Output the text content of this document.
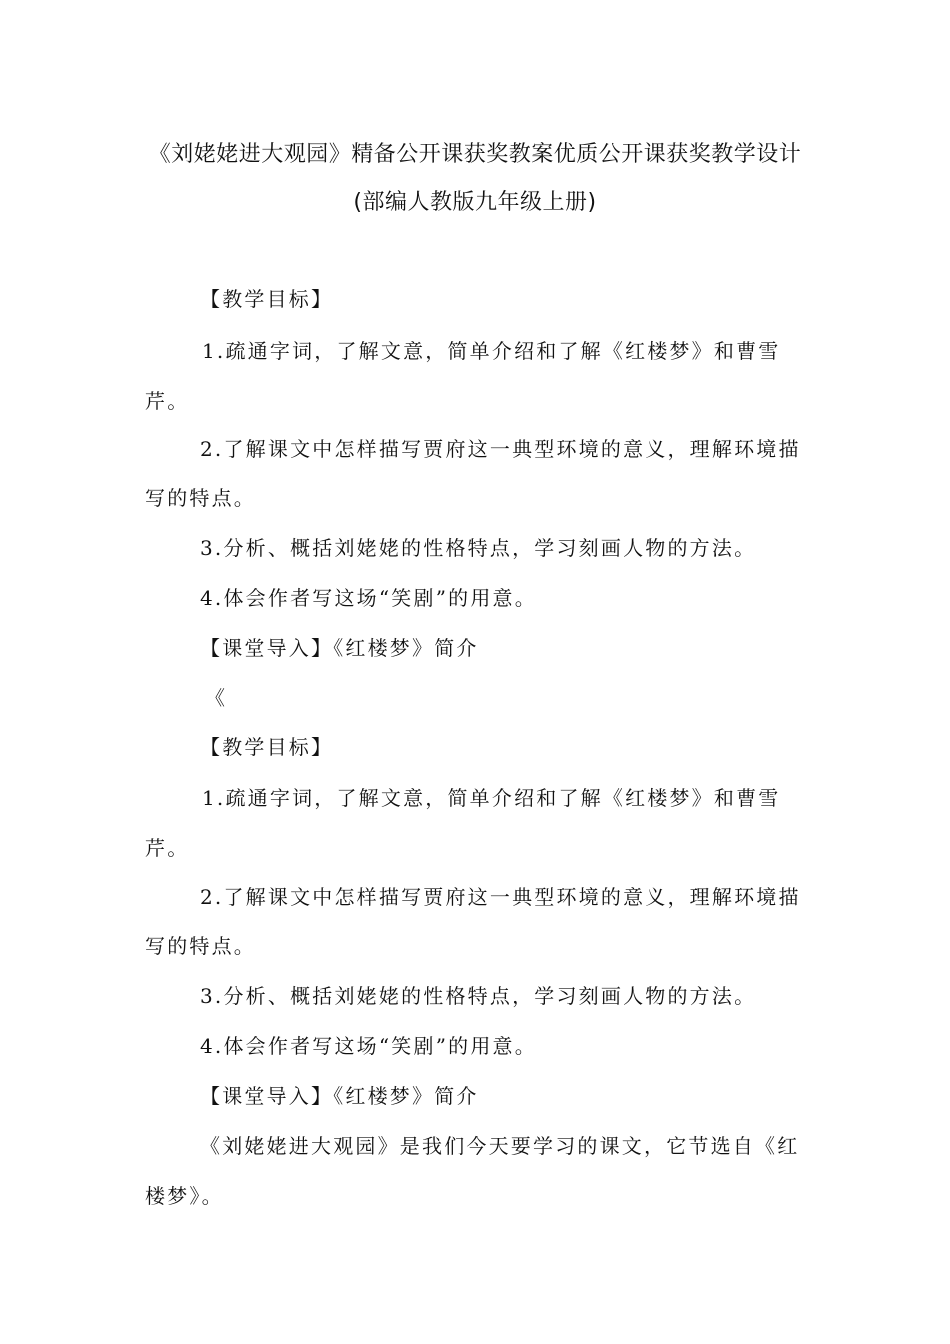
《刘姥姥进大观园》精备公开课获奖教案优质公开课获奖教学设计
(部编人教版九年级上册)
【教学目标】
1.疏通字词，了解文意，简单介绍和了解《红楼梦》和曹雪
芹。
2.了解课文中怎样描写贾府这一典型环境的意义，理解环境描
写的特点。
3.分析、概括刘姥姥的性格特点，学习刻画人物的方法。
4.体会作者写这场“笑剧”的用意。
【课堂导入】《红楼梦》简介
《
【教学目标】
1.疏通字词，了解文意，简单介绍和了解《红楼梦》和曹雪
芹。
2.了解课文中怎样描写贾府这一典型环境的意义，理解环境描
写的特点。
3.分析、概括刘姥姥的性格特点，学习刻画人物的方法。
4.体会作者写这场“笑剧”的用意。
【课堂导入】《红楼梦》简介
《刘姥姥进大观园》是我们今天要学习的课文，它节选自《红
楼梦》。
